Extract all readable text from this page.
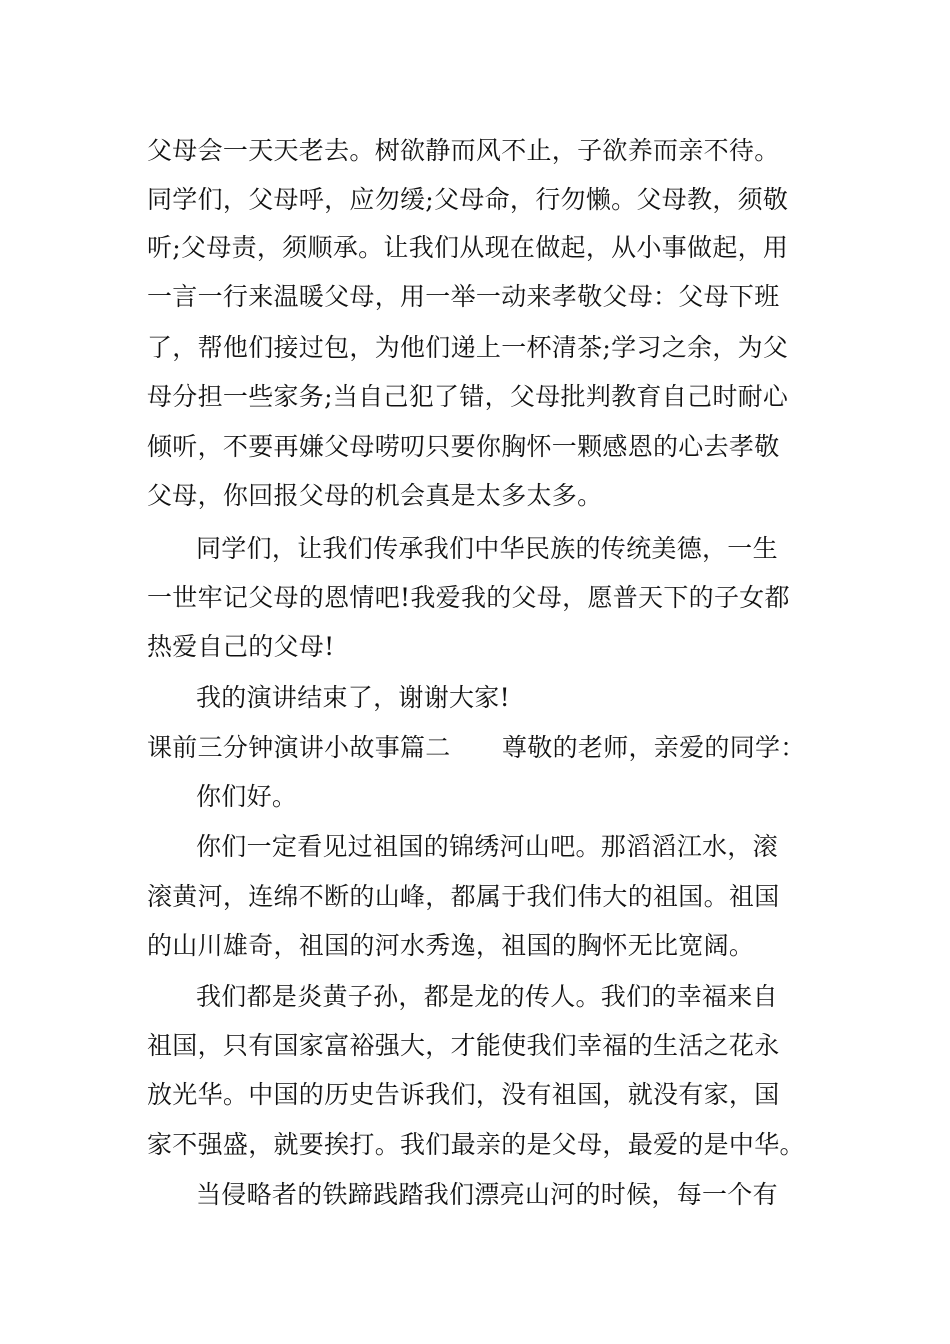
父母会一天天老去。树欲静而风不止，子欲养而亲不待。
同学们，父母呼，应勿缓;父母命，行勿懒。父母教，须敬
听;父母责，须顺承。让我们从现在做起，从小事做起，用
一言一行来温暖父母，用一举一动来孝敬父母：父母下班
了，帮他们接过包，为他们递上一杯清茶;学习之余，为父
母分担一些家务;当自己犯了错，父母批判教育自己时耐心
倾听，不要再嫌父母唠叨只要你胸怀一颗感恩的心去孝敬
父母，你回报父母的机会真是太多太多。
同学们，让我们传承我们中华民族的传统美德，一生
一世牢记父母的恩情吧!我爱我的父母，愿普天下的子女都
热爱自己的父母!
我的演讲结束了，谢谢大家!
课前三分钟演讲小故事篇二 尊敬的老师，亲爱的同学：
你们好。
你们一定看见过祖国的锦绣河山吧。那滔滔江水，滚
滚黄河，连绵不断的山峰，都属于我们伟大的祖国。祖国
的山川雄奇，祖国的河水秀逸，祖国的胸怀无比宽阔。
我们都是炎黄子孙，都是龙的传人。我们的幸福来自
祖国，只有国家富裕强大，才能使我们幸福的生活之花永
放光华。中国的历史告诉我们，没有祖国，就没有家，国
家不强盛，就要挨打。我们最亲的是父母，最爱的是中华。
当侵略者的铁蹄践踏我们漂亮山河的时候，每一个有
